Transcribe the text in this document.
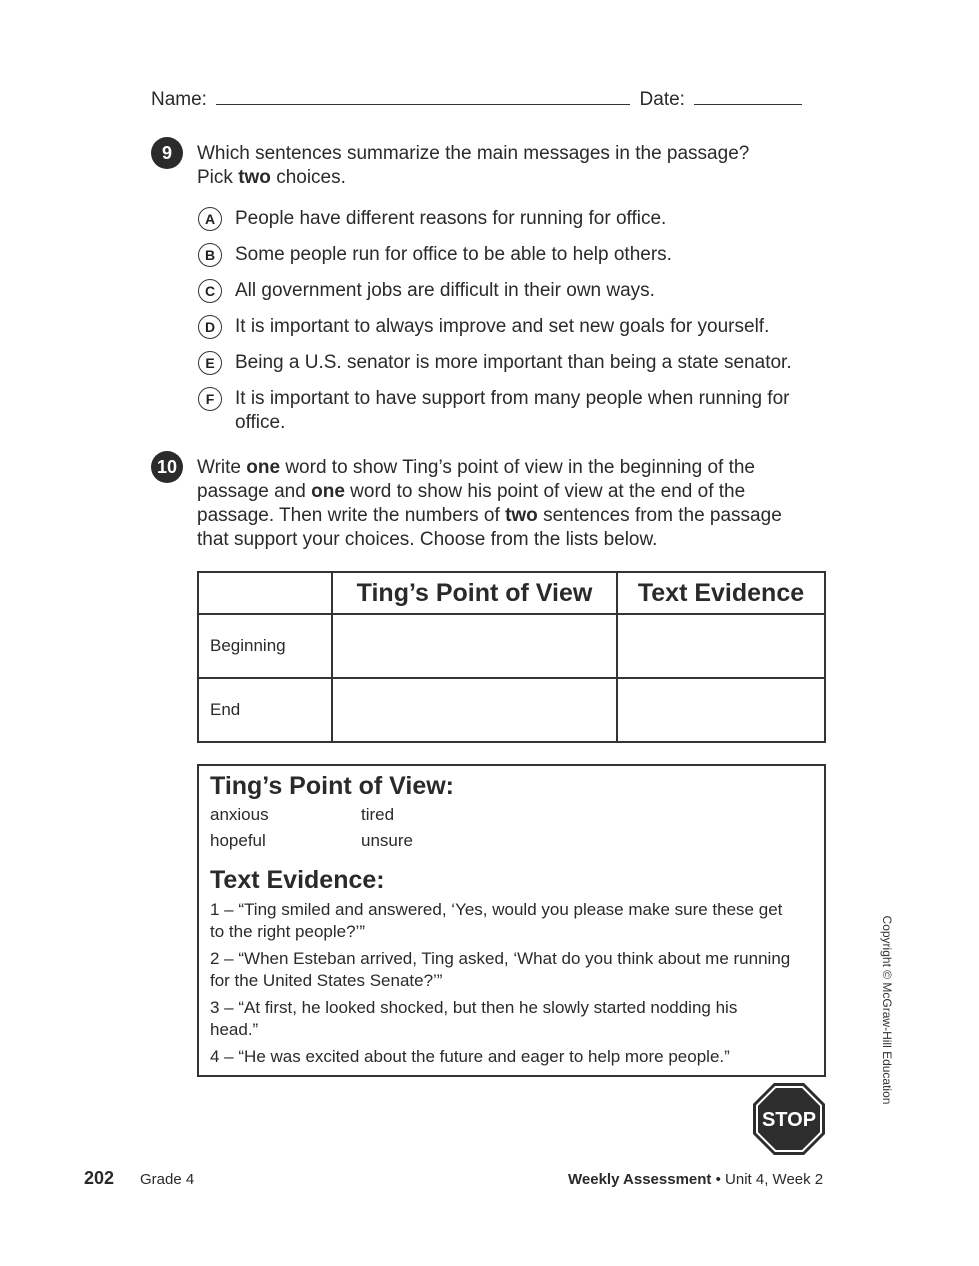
Name:	Date:
9 Which sentences summarize the main messages in the passage?
Pick two choices.
A	People have different reasons for running for office.
B	Some people run for office to be able to help others.
C	All government jobs are difficult in their own ways.
D	It is important to always improve and set new goals for yourself.
E	Being a U.S. senator is more important than being a state senator.
F	It is important to have support from many people when running for office.
10 Write one word to show Ting’s point of view in the beginning of the passage and one word to show his point of view at the end of the passage. Then write the numbers of two sentences from the passage that support your choices. Choose from the lists below.
	Ting’s Point of View	Text Evidence
Beginning		
End		
Ting’s Point of View:
anxious	tired
hopeful	unsure
Text Evidence:
1 – “Ting smiled and answered, ‘Yes, would you please make sure these get to the right people?’”
2 – “When Esteban arrived, Ting asked, ‘What do you think about me running for the United States Senate?’”
3 – “At first, he looked shocked, but then he slowly started nodding his head.”
4 – “He was excited about the future and eager to help more people.”
STOP
202 Grade 4	Weekly Assessment • Unit 4, Week 2
Copyright © McGraw-Hill Education
